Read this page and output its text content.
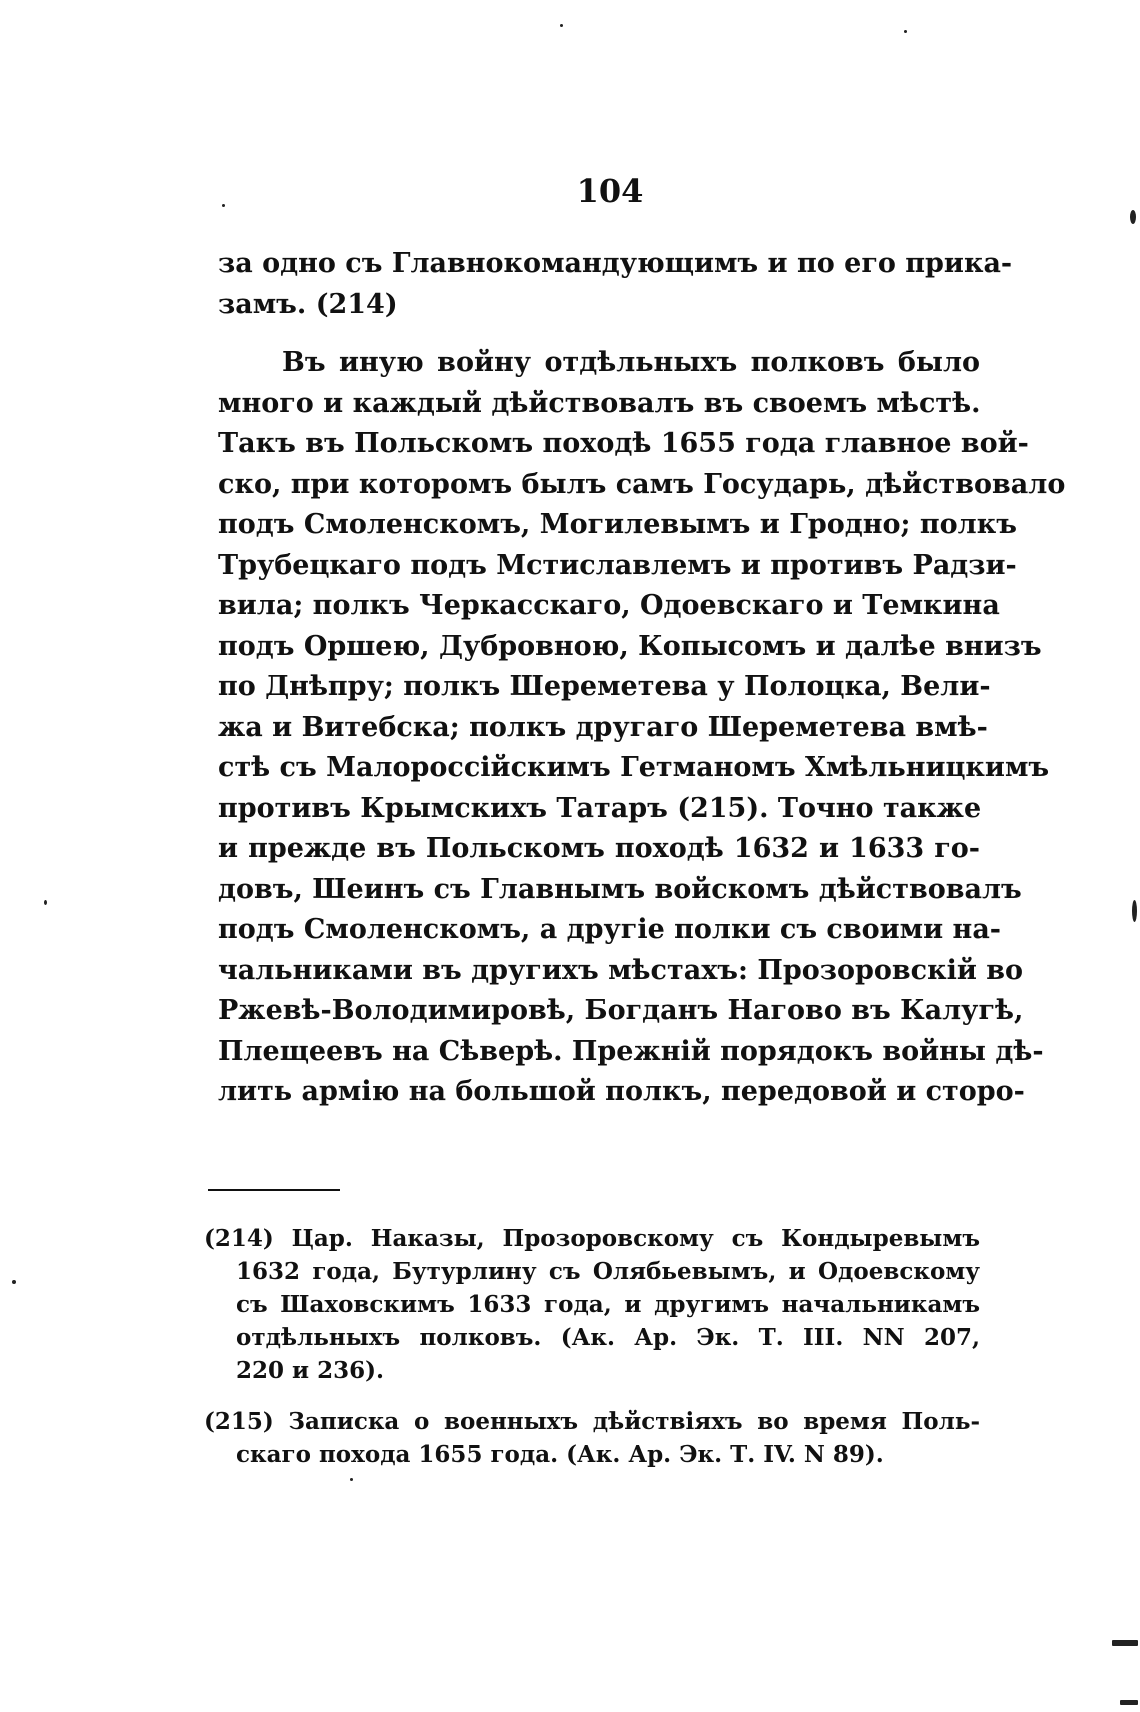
104
за одно съ Главнокомандующимъ и по его прика-
замъ. (214)
Въ иную войну отдѣльныхъ полковъ было
много и каждый дѣйствовалъ въ своемъ мѣстѣ.
Такъ въ Польскомъ походѣ 1655 года главное вой-
ско, при которомъ былъ самъ Государь, дѣйствовало
подъ Смоленскомъ, Могилевымъ и Гродно; полкъ
Трубецкаго подъ Мстиславлемъ и противъ Радзи-
вила; полкъ Черкасскаго, Одоевскаго и Темкина
подъ Оршею, Дубровною, Копысомъ и далѣе внизъ
по Днѣпру; полкъ Шереметева у Полоцка, Вели-
жа и Витебска; полкъ другаго Шереметева вмѣ-
стѣ съ Малороссійскимъ Гетманомъ Хмѣльницкимъ
противъ Крымскихъ Татаръ (215). Точно также
и прежде въ Польскомъ походѣ 1632 и 1633 го-
довъ, Шеинъ съ Главнымъ войскомъ дѣйствовалъ
подъ Смоленскомъ, а другіе полки съ своими на-
чальниками въ другихъ мѣстахъ: Прозоровскій во
Ржевѣ-Володимировѣ, Богданъ Нагово въ Калугѣ,
Плещеевъ на Сѣверѣ. Прежній порядокъ войны дѣ-
лить армію на большой полкъ, передовой и сторо-
(214) Цар. Наказы, Прозоровскому съ Кондыревымъ
1632 года, Бутурлину съ Олябьевымъ, и Одоевскому
съ Шаховскимъ 1633 года, и другимъ начальникамъ
отдѣльныхъ полковъ. (Ак. Ар. Эк. Т. III. NN 207,
220 и 236).
(215) Записка о военныхъ дѣйствіяхъ во время Поль-
скаго похода 1655 года. (Ак. Ар. Эк. Т. IV. N 89).
